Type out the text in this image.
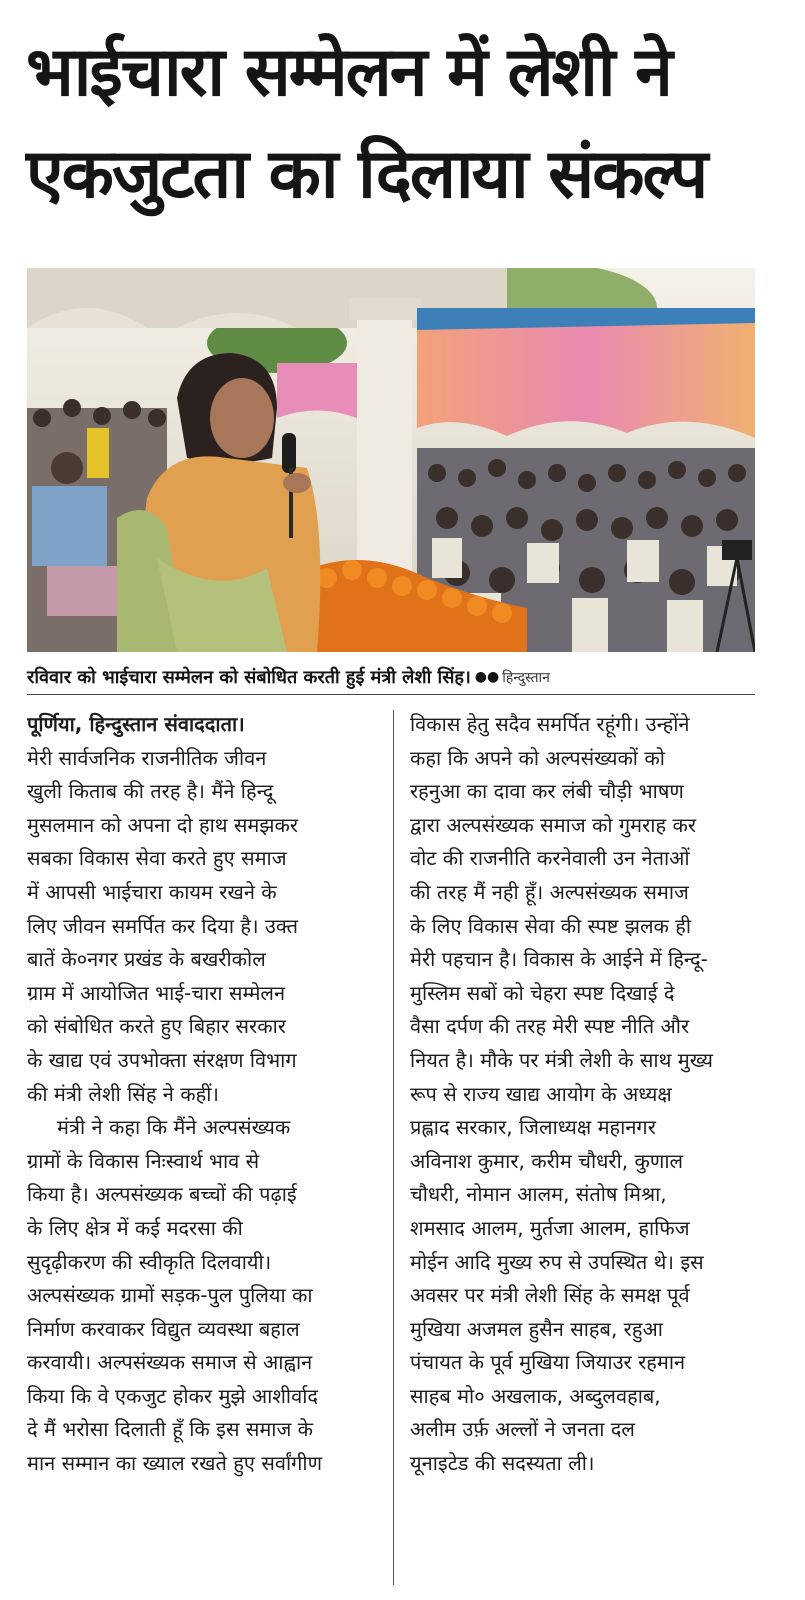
भाईचारा सम्मेलन में लेशी ने
एकजुटता का दिलाया संकल्प
रविवार को भाईचारा सम्मेलन को संबोधित करती हुई मंत्री लेशी सिंह। ●● हिन्दुस्तान
पूर्णिया, हिन्दुस्तान संवाददाता।
मेरी सार्वजनिक राजनीतिक जीवन
खुली किताब की तरह है। मैंने हिन्दू
मुसलमान को अपना दो हाथ समझकर
सबका विकास सेवा करते हुए समाज
में आपसी भाईचारा कायम रखने के
लिए जीवन समर्पित कर दिया है। उक्त
बातें के०नगर प्रखंड के बखरीकोल
ग्राम में आयोजित भाई-चारा सम्मेलन
को संबोधित करते हुए बिहार सरकार
के खाद्य एवं उपभोक्ता संरक्षण विभाग
की मंत्री लेशी सिंह ने कहीं।
मंत्री ने कहा कि मैंने अल्पसंख्यक
ग्रामों के विकास निःस्वार्थ भाव से
किया है। अल्पसंख्यक बच्चों की पढ़ाई
के लिए क्षेत्र में कई मदरसा की
सुदृढ़ीकरण की स्वीकृति दिलवायी।
अल्पसंख्यक ग्रामों सड़क-पुल पुलिया का
निर्माण करवाकर विद्युत व्यवस्था बहाल
करवायी। अल्पसंख्यक समाज से आह्वान
किया कि वे एकजुट होकर मुझे आशीर्वाद
दे मैं भरोसा दिलाती हूँ कि इस समाज के
मान सम्मान का ख्याल रखते हुए सर्वांगीण
विकास हेतु सदैव समर्पित रहूंगी। उन्होंने
कहा कि अपने को अल्पसंख्यकों को
रहनुआ का दावा कर लंबी चौड़ी भाषण
द्वारा अल्पसंख्यक समाज को गुमराह कर
वोट की राजनीति करनेवाली उन नेताओं
की तरह मैं नही हूँ। अल्पसंख्यक समाज
के लिए विकास सेवा की स्पष्ट झलक ही
मेरी पहचान है। विकास के आईने में हिन्दू-
मुस्लिम सबों को चेहरा स्पष्ट दिखाई दे
वैसा दर्पण की तरह मेरी स्पष्ट नीति और
नियत है। मौके पर मंत्री लेशी के साथ मुख्य
रूप से राज्य खाद्य आयोग के अध्यक्ष
प्रह्लाद सरकार, जिलाध्यक्ष महानगर
अविनाश कुमार, करीम चौधरी, कुणाल
चौधरी, नोमान आलम, संतोष मिश्रा,
शमसाद आलम, मुर्तजा आलम, हाफिज
मोईन आदि मुख्य रुप से उपस्थित थे। इस
अवसर पर मंत्री लेशी सिंह के समक्ष पूर्व
मुखिया अजमल हुसैन साहब, रहुआ
पंचायत के पूर्व मुखिया जियाउर रहमान
साहब मो० अखलाक, अब्दुलवहाब,
अलीम उर्फ़ अल्लों ने जनता दल
यूनाइटेड की सदस्यता ली।
